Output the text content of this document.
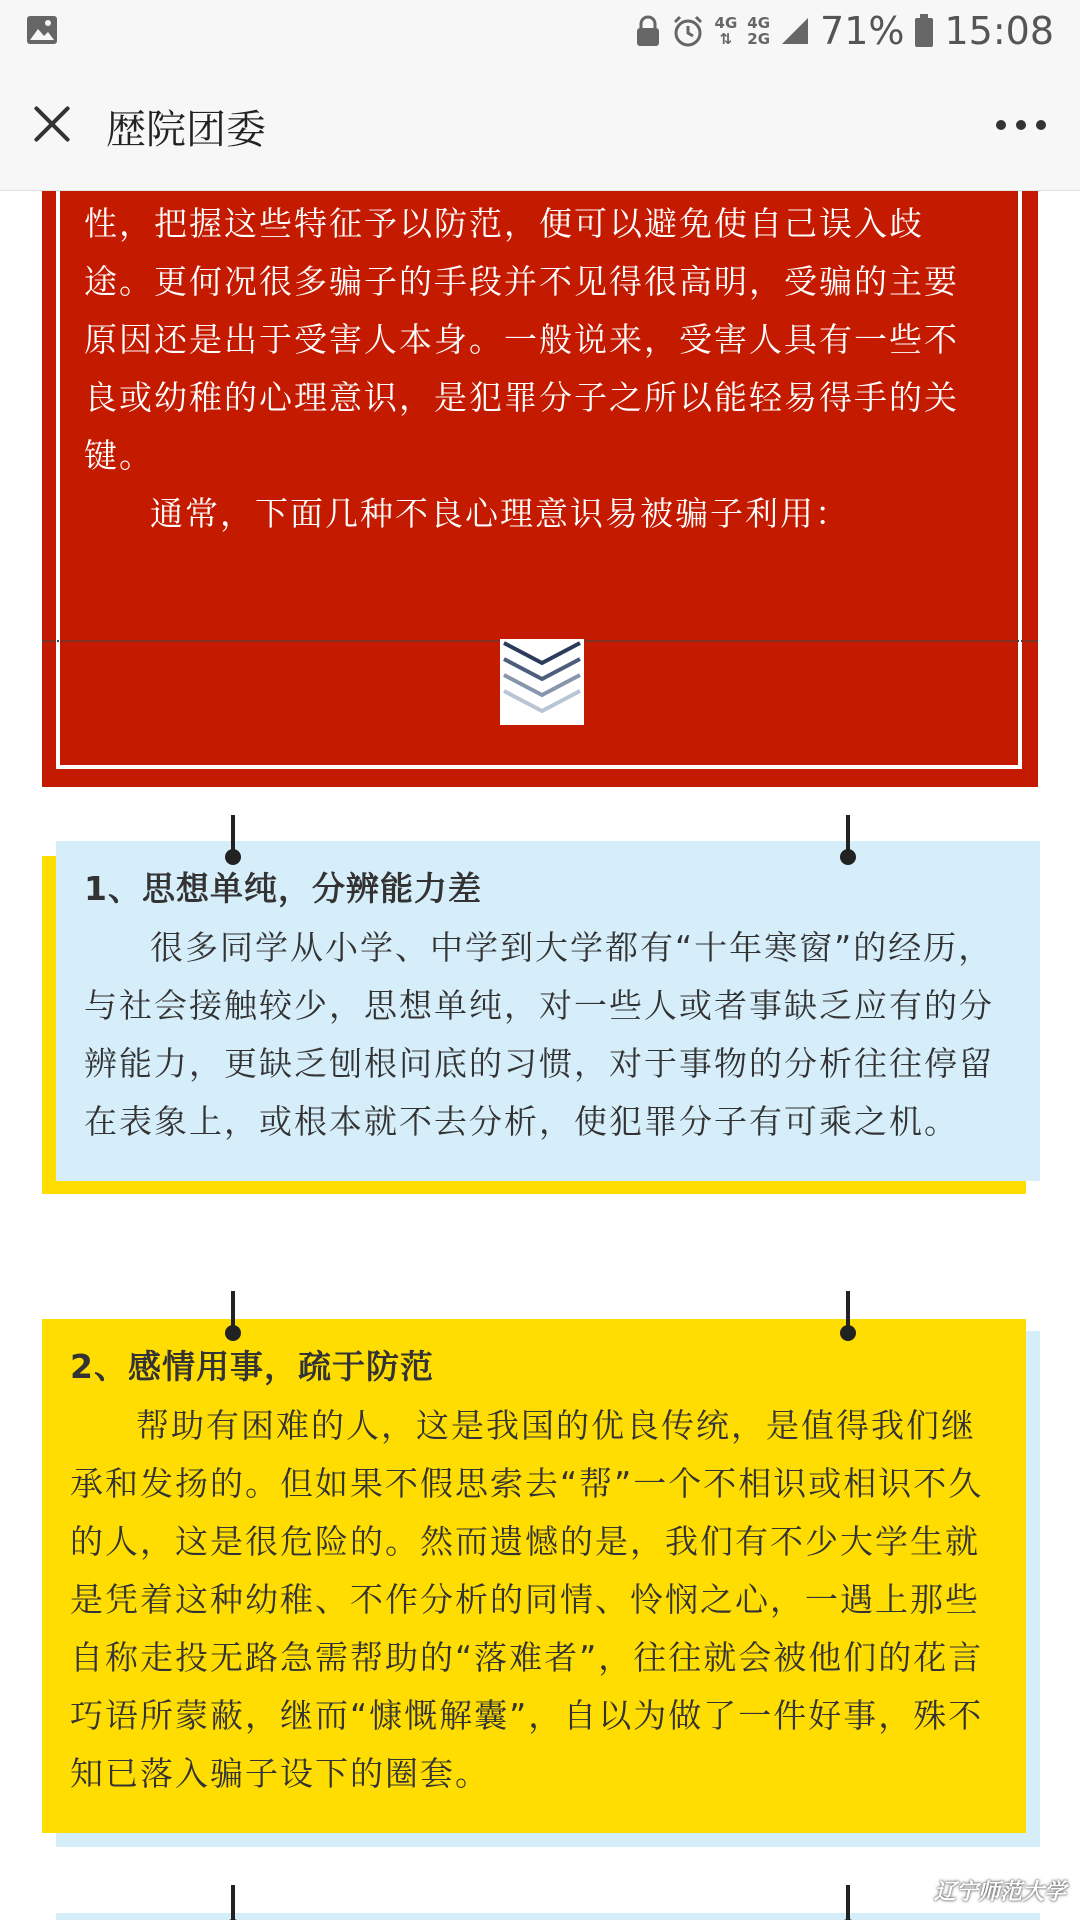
4G
⇅
4G
2G 71% 15:08
歴院团委

性，把握这些特征予以防范，便可以避免使自己误入歧途。更何况很多骗子的手段并不见得很高明，受骗的主要原因还是出于受害人本身。一般说来，受害人具有一些不良或幼稚的心理意识，是犯罪分子之所以能轻易得手的关键。

通常，下面几种不良心理意识易被骗子利用：

1、思想单纯，分辨能力差

很多同学从小学、中学到大学都有“十年寒窗”的经历，与社会接触较少，思想单纯，对一些人或者事缺乏应有的分辨能力，更缺乏刨根问底的习惯，对于事物的分析往往停留在表象上，或根本就不去分析，使犯罪分子有可乘之机。

2、感情用事，疏于防范

帮助有困难的人，这是我国的优良传统，是值得我们继承和发扬的。但如果不假思索去“帮”一个不相识或相识不久的人，这是很危险的。然而遗憾的是，我们有不少大学生就是凭着这种幼稚、不作分析的同情、怜悯之心，一遇上那些自称走投无路急需帮助的“落难者”，往往就会被他们的花言巧语所蒙蔽，继而“慷慨解囊”，自以为做了一件好事，殊不知已落入骗子设下的圈套。

辽宁师范大学
